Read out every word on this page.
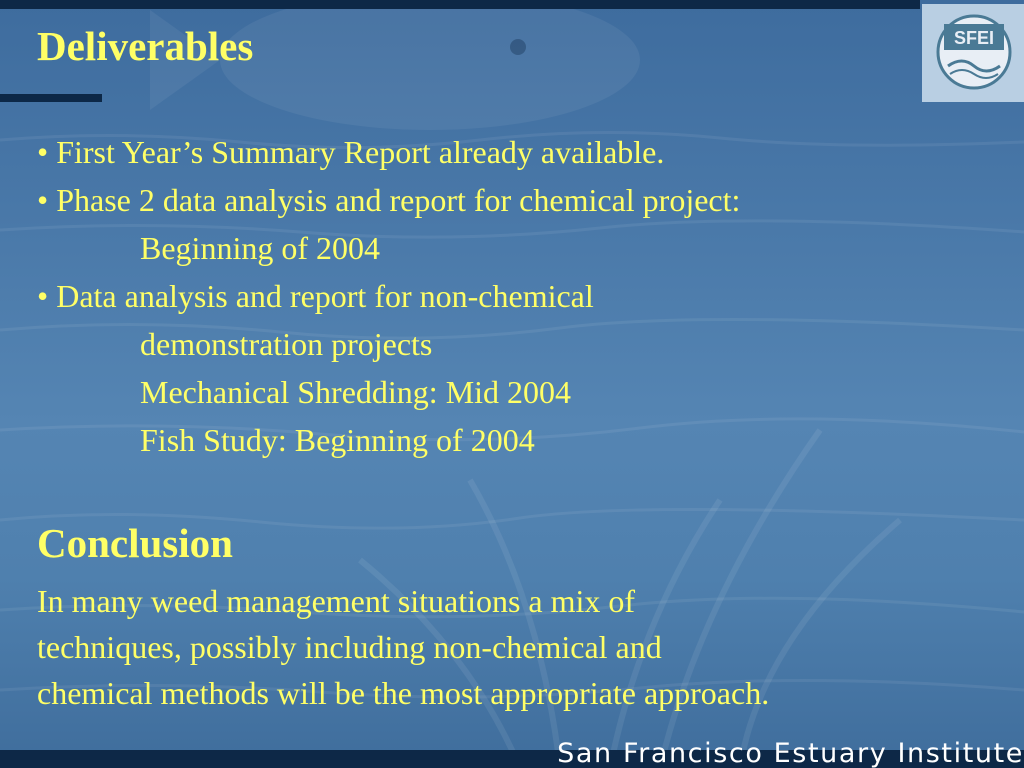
SFEI
Deliverables
• First Year’s Summary Report already available.
• Phase 2 data analysis and report for chemical project:
Beginning of 2004
• Data analysis and report for non-chemical
demonstration projects
Mechanical Shredding: Mid 2004
Fish Study: Beginning of 2004
Conclusion
In many weed management situations a mix of
techniques, possibly including non-chemical and
chemical methods will be the most appropriate approach.
San Francisco Estuary Institute
